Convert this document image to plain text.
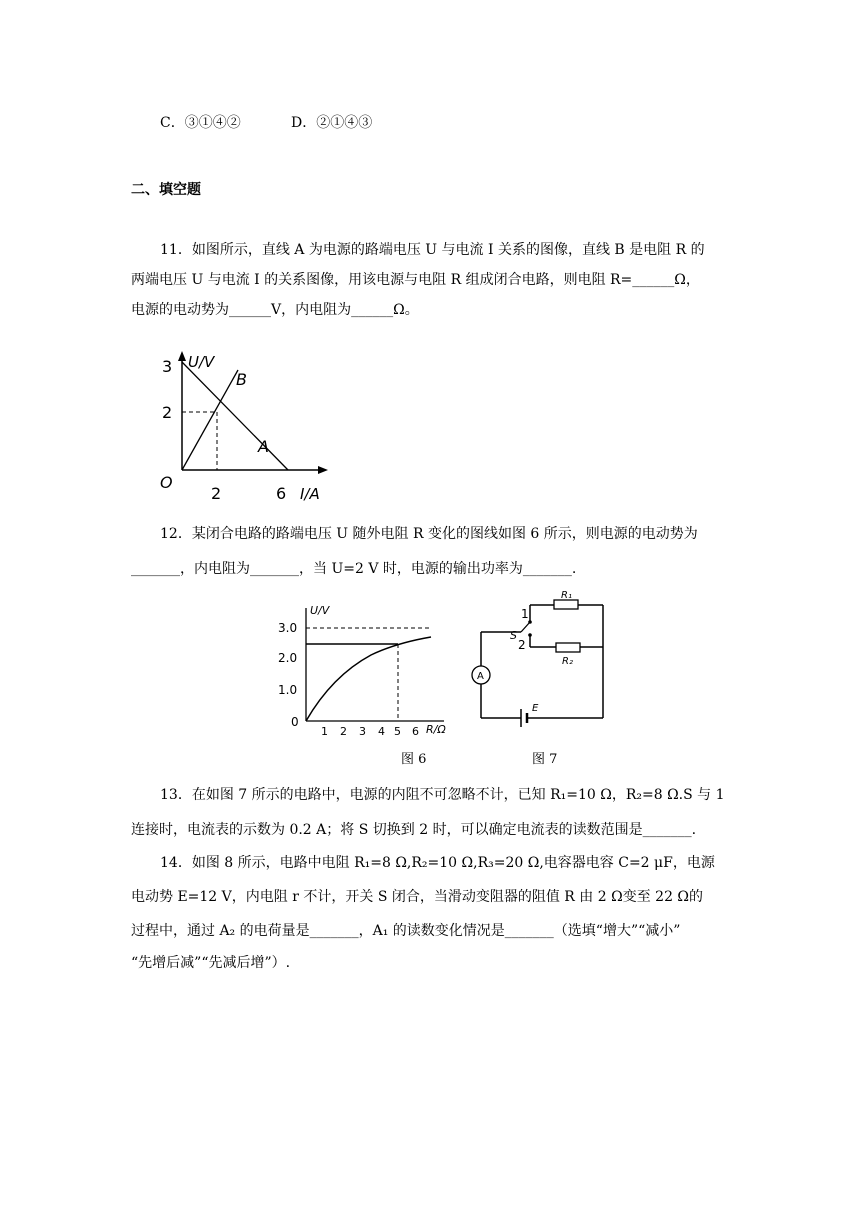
C．③①④②	D．②①④③
二、填空题
11．如图所示，直线 A 为电源的路端电压 U 与电流 I 关系的图像，直线 B 是电阻 R 的
两端电压 U 与电流 I 的关系图像，用该电源与电阻 R 组成闭合电路，则电阻 R=______Ω，
电源的电动势为______V，内电阻为______Ω。
U/V
3
2
O
2	6 I/A
B
A
12．某闭合电路的路端电压 U 随外电阻 R 变化的图线如图 6 所示，则电源的电动势为
_______，内电阻为_______，当 U=2 V 时，电源的输出功率为_______.
U/V
3.0
2.0
1.0
0
1 2 3 4 5 6 R/Ω
图 6
A
R₁
R₂
1
S
2
E
图 7
13．在如图 7 所示的电路中，电源的内阻不可忽略不计，已知 R₁=10 Ω，R₂=8 Ω.S 与 1
连接时，电流表的示数为 0.2 A；将 S 切换到 2 时，可以确定电流表的读数范围是_______.
14．如图 8 所示，电路中电阻 R₁=8 Ω,R₂=10 Ω,R₃=20 Ω,电容器电容 C=2 μF，电源
电动势 E=12 V，内电阻 r 不计，开关 S 闭合，当滑动变阻器的阻值 R 由 2 Ω变至 22 Ω的
过程中，通过 A₂ 的电荷量是_______，A₁ 的读数变化情况是_______（选填“增大”“减小”
“先增后减”“先减后增”）.
